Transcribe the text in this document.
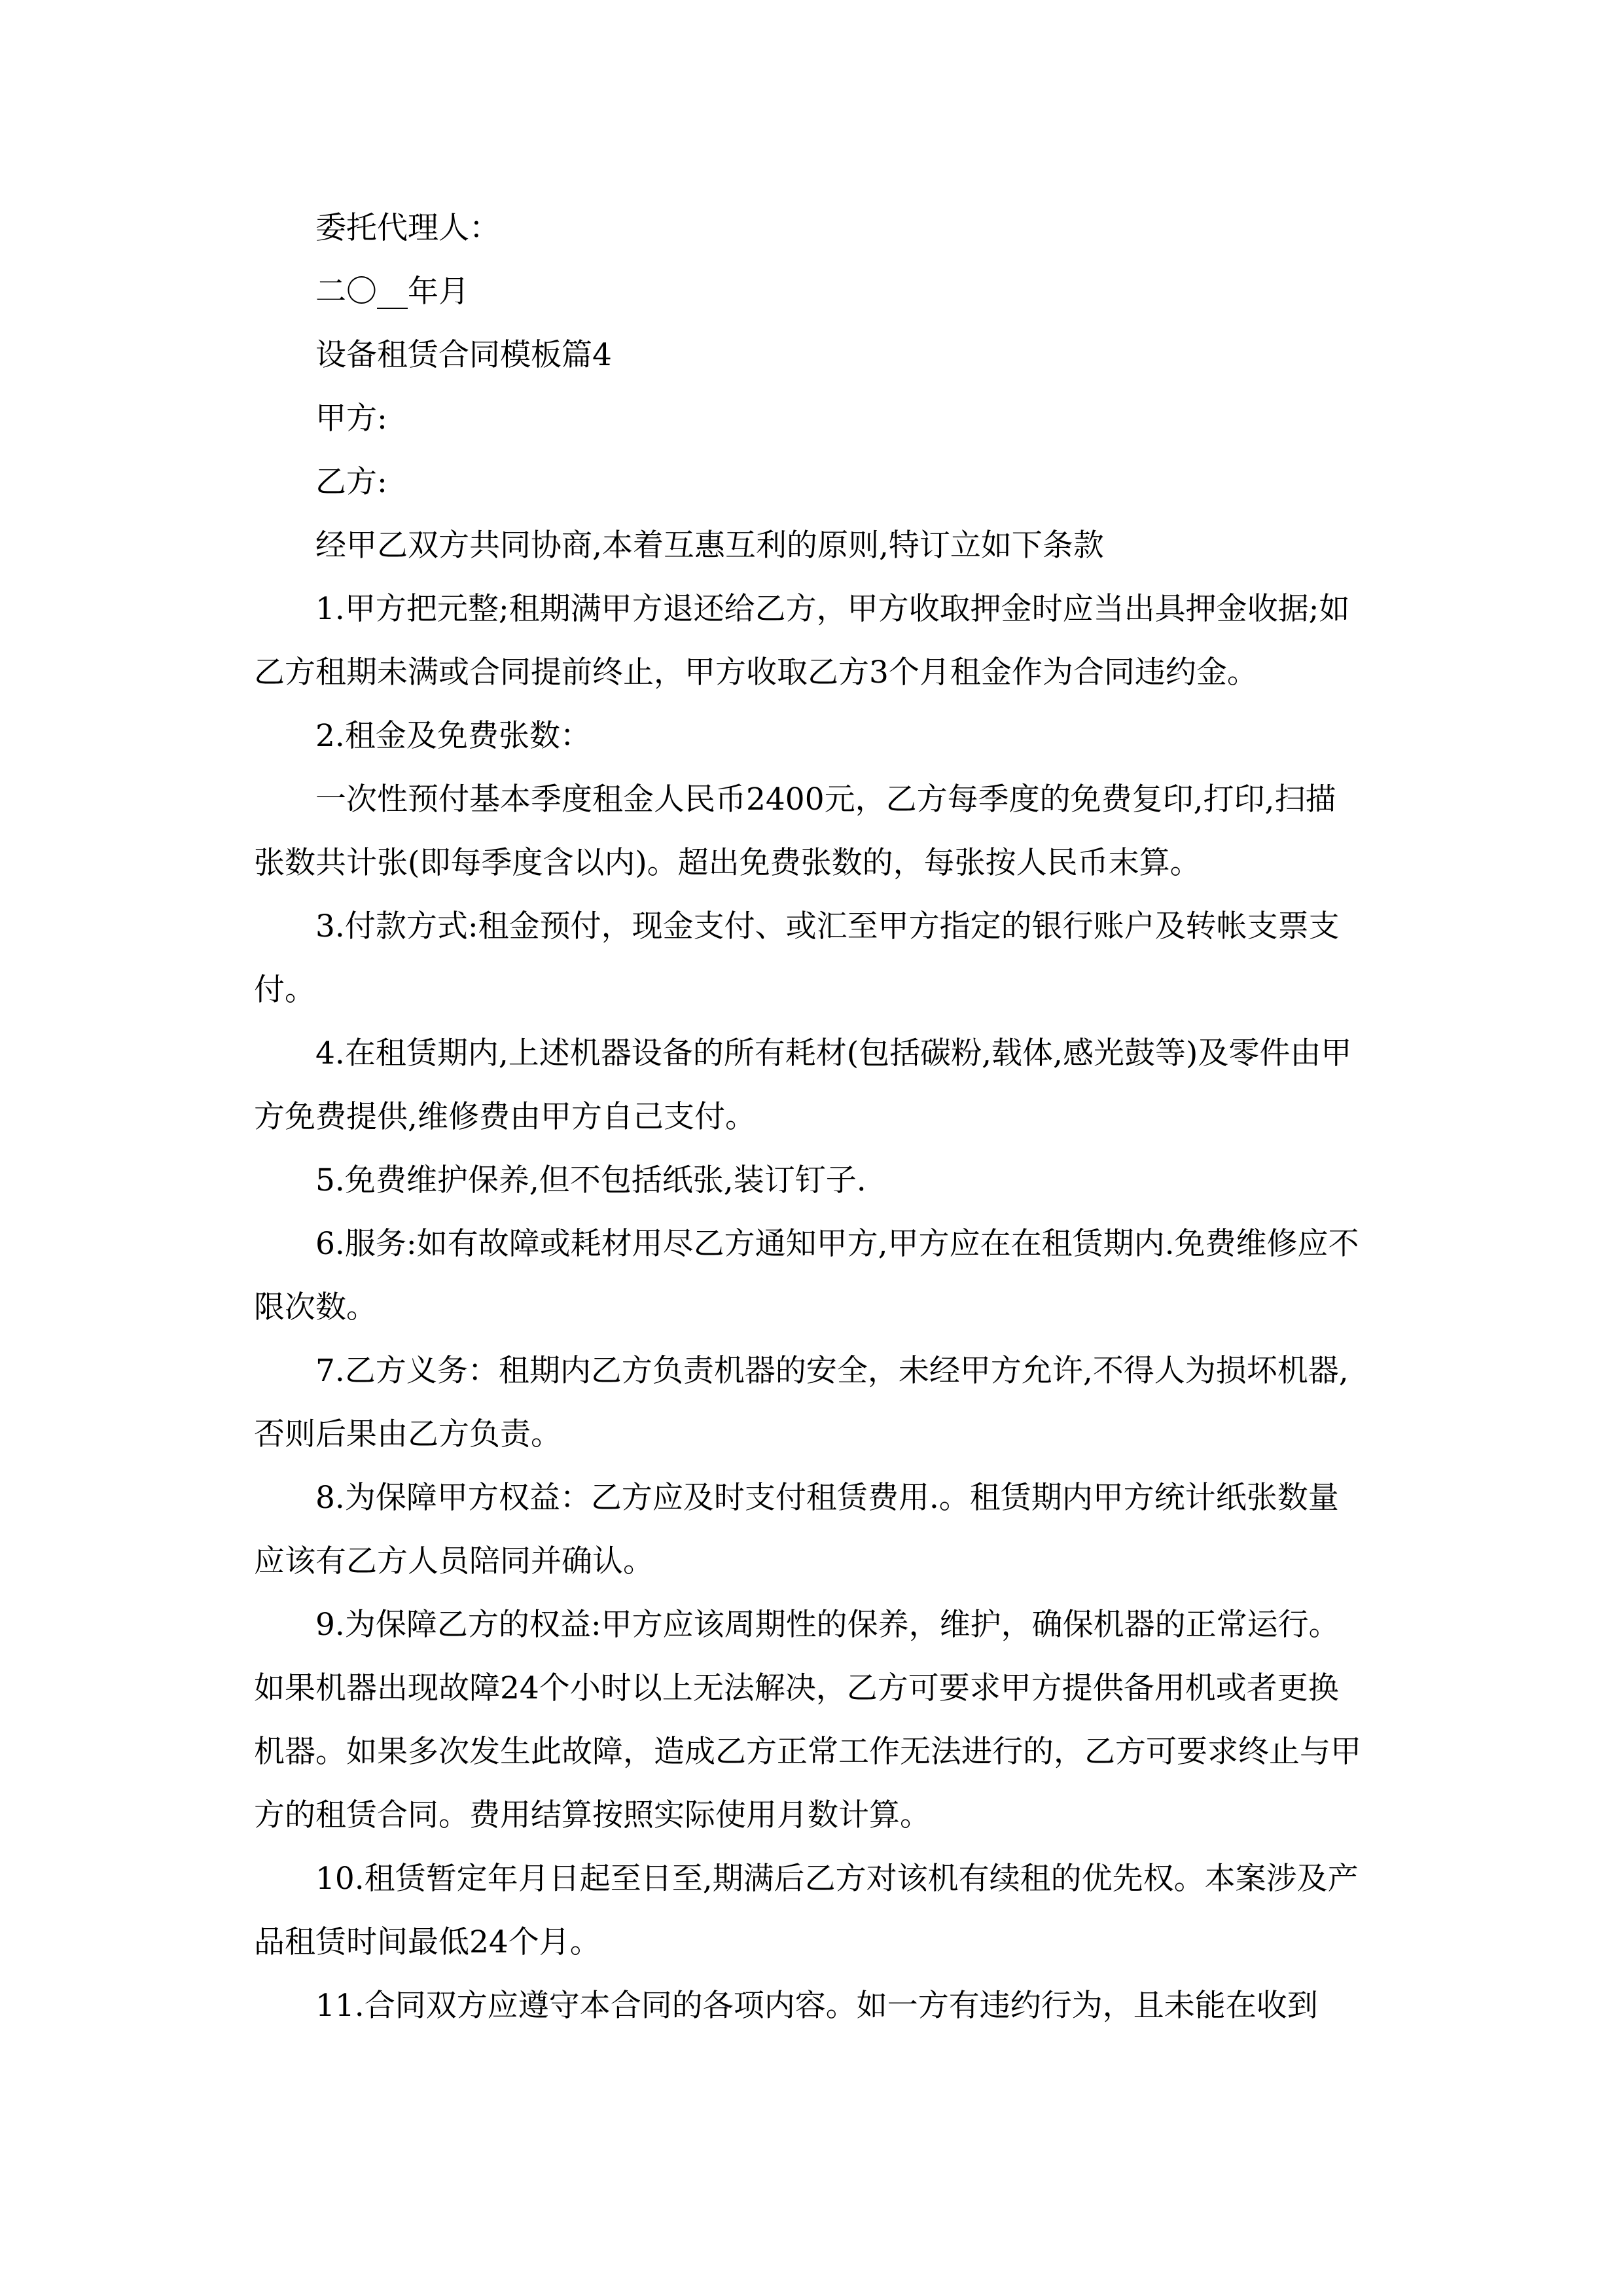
委托代理人：

二〇__年月

设备租赁合同模板篇4

甲方:

乙方:

经甲乙双方共同协商,本着互惠互利的原则,特订立如下条款

1.甲方把元整;租期满甲方退还给乙方，甲方收取押金时应当出具押金收据;如乙方租期未满或合同提前终止，甲方收取乙方3个月租金作为合同违约金。

2.租金及免费张数：

一次性预付基本季度租金人民币2400元，乙方每季度的免费复印,打印,扫描张数共计张(即每季度含以内)。超出免费张数的，每张按人民币末算。

3.付款方式:租金预付，现金支付、或汇至甲方指定的银行账户及转帐支票支付。

4.在租赁期内,上述机器设备的所有耗材(包括碳粉,载体,感光鼓等)及零件由甲方免费提供,维修费由甲方自己支付。

5.免费维护保养,但不包括纸张,装订钉子.

6.服务:如有故障或耗材用尽乙方通知甲方,甲方应在在租赁期内.免费维修应不限次数。

7.乙方义务：租期内乙方负责机器的安全，未经甲方允许,不得人为损坏机器,否则后果由乙方负责。

8.为保障甲方权益：乙方应及时支付租赁费用.。租赁期内甲方统计纸张数量应该有乙方人员陪同并确认。

9.为保障乙方的权益:甲方应该周期性的保养，维护，确保机器的正常运行。如果机器出现故障24个小时以上无法解决，乙方可要求甲方提供备用机或者更换机器。如果多次发生此故障，造成乙方正常工作无法进行的，乙方可要求终止与甲方的租赁合同。费用结算按照实际使用月数计算。

10.租赁暂定年月日起至日至,期满后乙方对该机有续租的优先权。本案涉及产品租赁时间最低24个月。

11.合同双方应遵守本合同的各项内容。如一方有违约行为，且未能在收到
